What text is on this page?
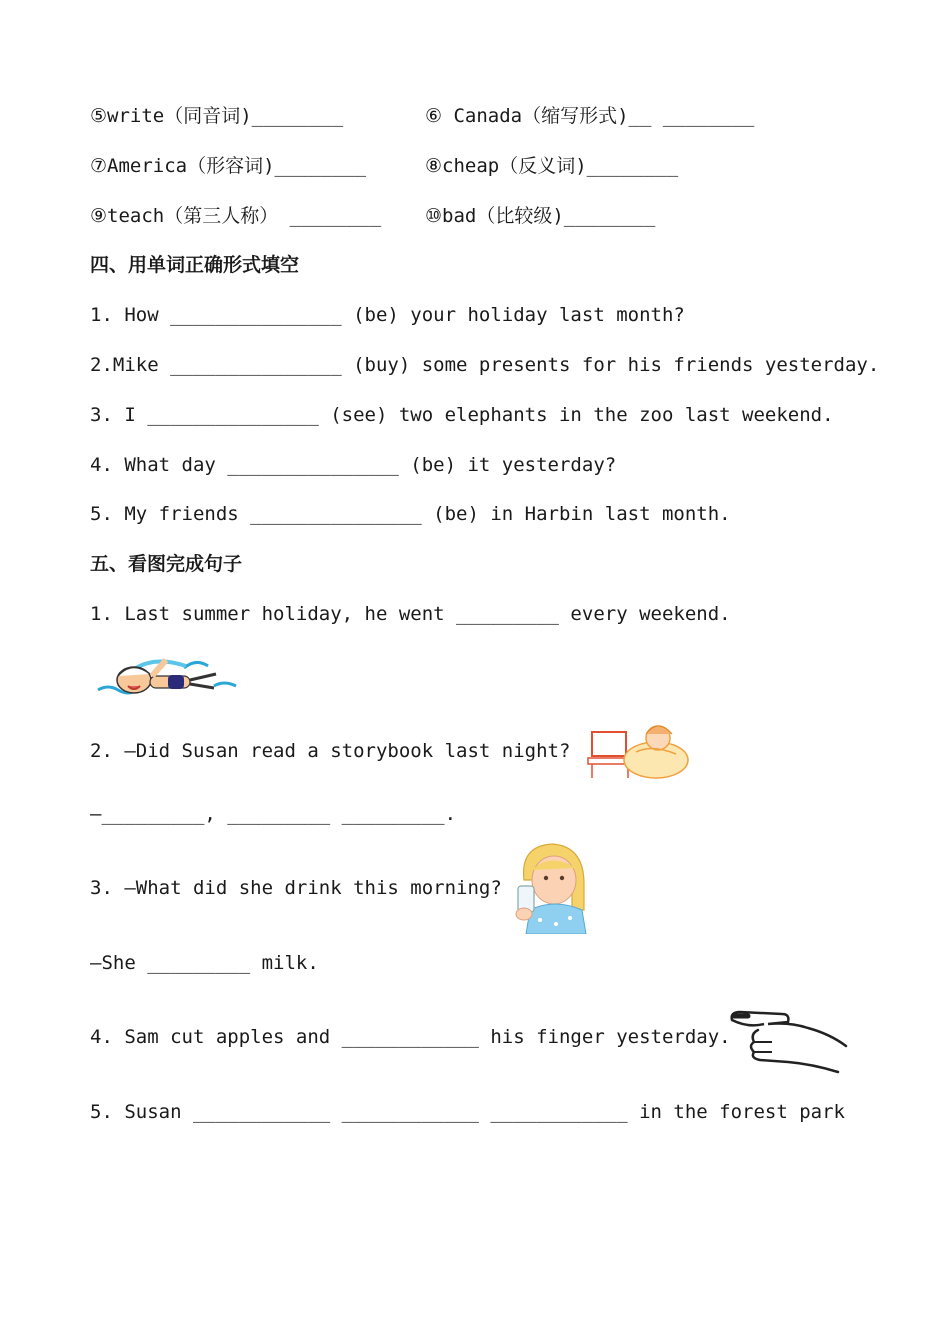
⑤write（同音词)________	⑥ Canada（缩写形式)__ ________
⑦America（形容词)________	⑧cheap（反义词)________
⑨teach（第三人称） ________ ⑩bad（比较级)________
四、用单词正确形式填空
1. How _______________ (be) your holiday last month?
2.Mike _______________ (buy) some presents for his friends yesterday.
3. I _______________ (see) two elephants in the zoo last weekend.
4. What day _______________ (be) it yesterday?
5. My friends _______________ (be) in Harbin last month.
五、看图完成句子
1. Last summer holiday, he went _________ every weekend.
2. —Did Susan read a storybook last night?
—_________, _________ _________.
3. —What did she drink this morning?
—She _________ milk.
4. Sam cut apples and ____________ his finger yesterday.
5. Susan ____________ ____________ ____________ in the forest park
